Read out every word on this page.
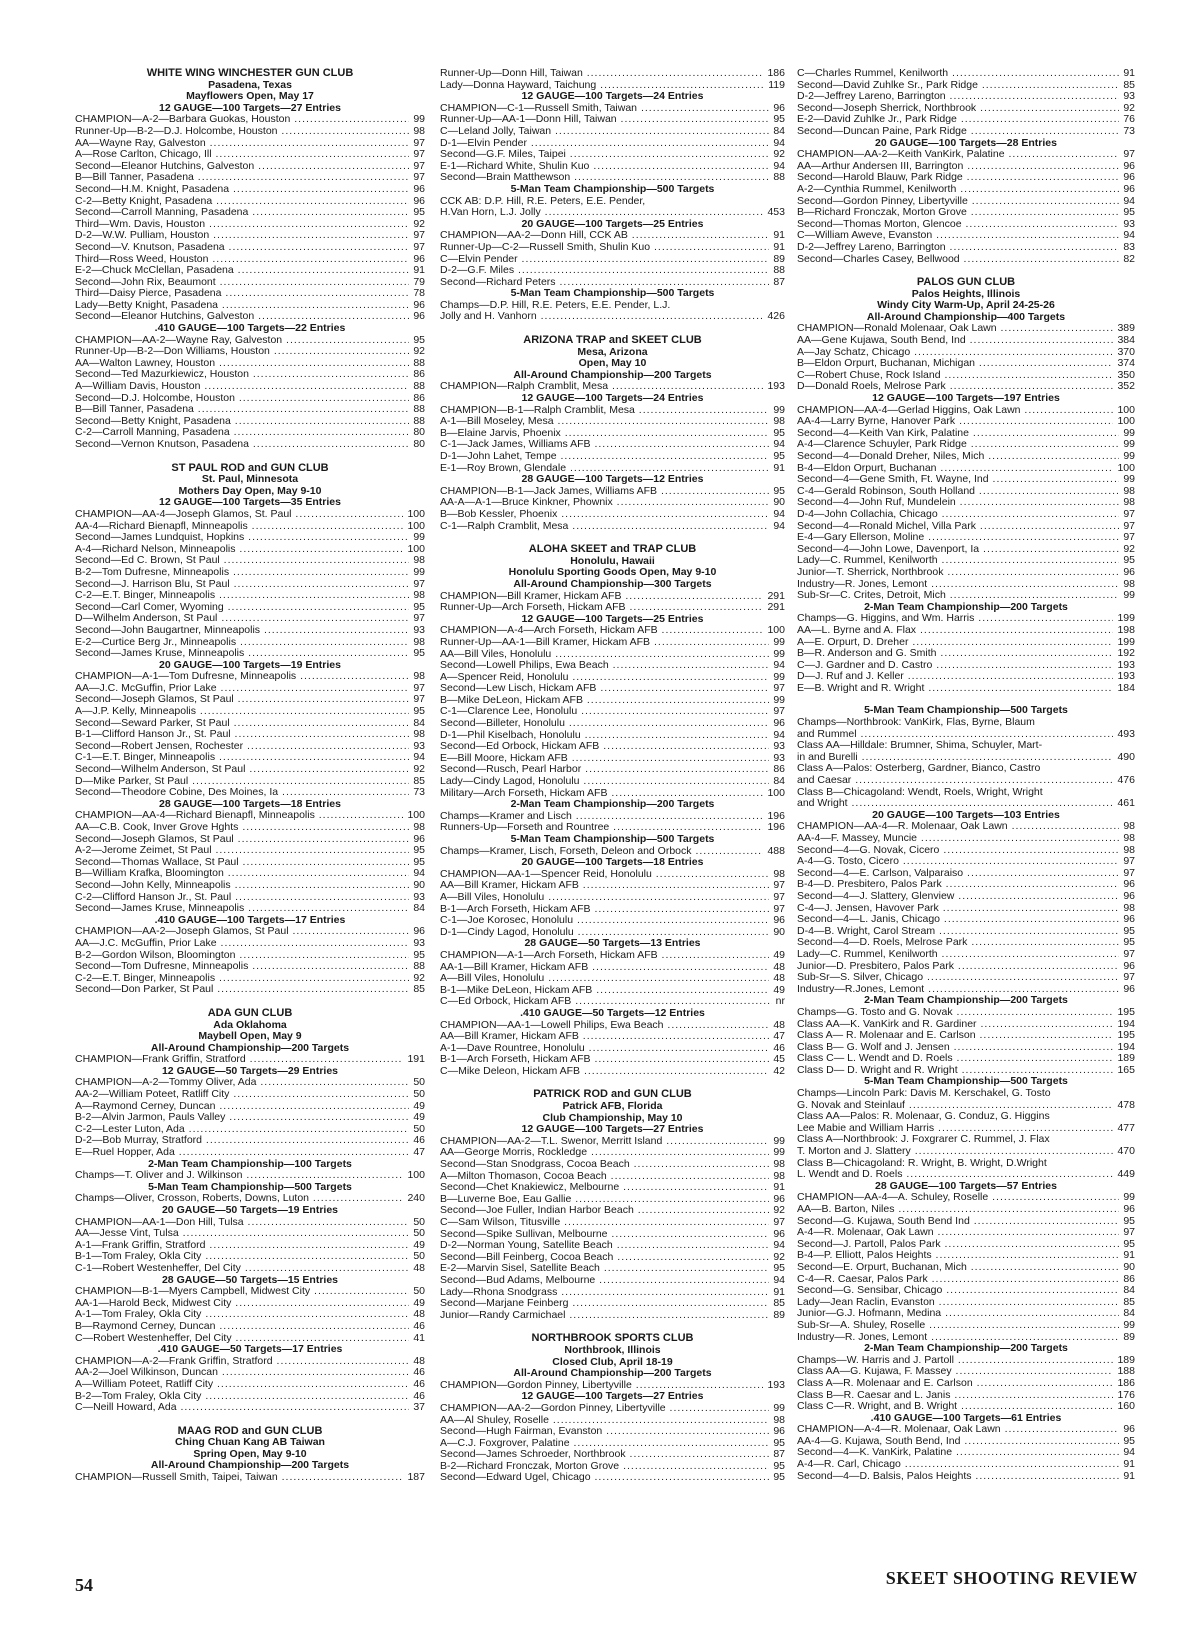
WHITE WING WINCHESTER GUN CLUB
Pasadena, Texas
Mayflowers Open, May 17
12 GAUGE—100 Targets—27 Entries
CHAMPION—A-2—Barbara Guokas, Houston .....	99
Runner-Up—B-2—D.J. Holcombe, Houston .....	98
AA—Wayne Ray, Galveston .....	97
A—Rose Carlton, Chicago, Ill .....	97
Second—Eleanor Hutchins, Galveston .....	97
B—Bill Tanner, Pasadena .....	97
Second—H.M. Knight, Pasadena .....	96
C-2—Betty Knight, Pasadena .....	96
Second—Carroll Manning, Pasadena .....	95
Third—Wm. Davis, Houston .....	92
D-2—W.W. Pulliam, Houston .....	97
Second—V. Knutson, Pasadena .....	97
Third—Ross Weed, Houston .....	96
E-2—Chuck McClellan, Pasadena .....	91
Second—John Rix, Beaumont .....	79
Third—Daisy Pierce, Pasadena .....	78
Lady—Betty Knight, Pasadena .....	96
Second—Eleanor Hutchins, Galveston .....	96
.410 GAUGE—100 Targets—22 Entries
CHAMPION—AA-2—Wayne Ray, Galveston .....	95
Runner-Up—B-2—Don Williams, Houston .....	92
AA—Walton Lawney, Houston .....	88
Second—Ted Mazurkiewicz, Houston .....	86
A—William Davis, Houston .....	88
Second—D.J. Holcombe, Houston .....	86
B—Bill Tanner, Pasadena .....	88
Second—Betty Knight, Pasadena .....	88
C-2—Carroll Manning, Pasadena .....	80
Second—Vernon Knutson, Pasadena .....	80
ST PAUL ROD and GUN CLUB
St. Paul, Minnesota
Mothers Day Open, May 9-10
12 GAUGE—100 Targets—35 Entries
CHAMPION—AA-4—Joseph Glamos, St. Paul .....	100
AA-4—Richard Bienapfl, Minneapolis .....	100
Second—James Lundquist, Hopkins .....	99
A-4—Richard Nelson, Minneapolis .....	100
Second—Ed C. Brown, St Paul .....	98
B-2—Tom Dufresne, Minneapolis .....	99
Second—J. Harrison Blu, St Paul .....	97
C-2—E.T. Binger, Minneapolis .....	98
Second—Carl Comer, Wyoming .....	95
D—Wilhelm Anderson, St Paul .....	97
Second—John Baugartner, Minneapolis .....	93
E-2—Curtice Berg Jr., Minneapolis .....	98
Second—James Kruse, Minneapolis .....	95
20 GAUGE—100 Targets—19 Entries
CHAMPION—A-1—Tom Dufresne, Minneapolis .....	98
AA—J.C. McGuffin, Prior Lake .....	97
Second—Joseph Glamos, St Paul .....	97
A—J.P. Kelly, Minneapolis .....	95
Second—Seward Parker, St Paul .....	84
B-1—Clifford Hanson Jr., St. Paul .....	98
Second—Robert Jensen, Rochester .....	93
C-1—E.T. Binger, Minneapolis .....	94
Second—Wilhelm Anderson, St Paul .....	92
D—Mike Parker, St Paul .....	85
Second—Theodore Cobine, Des Moines, Ia .....	73
28 GAUGE—100 Targets—18 Entries
CHAMPION—AA-4—Richard Bienapfl, Minneapolis .....	100
AA—C.B. Cook, Inver Grove Hghts .....	98
Second—Joseph Glamos, St Paul .....	96
A-2—Jerome Zeimet, St Paul .....	95
Second—Thomas Wallace, St Paul .....	95
B—William Krafka, Bloomington .....	94
Second—John Kelly, Minneapolis .....	90
C-2—Clifford Hanson Jr., St. Paul .....	93
Second—James Kruse, Minneapolis .....	84
.410 GAUGE—100 Targets—17 Entries
CHAMPION—AA-2—Joseph Glamos, St Paul .....	96
AA—J.C. McGuffin, Prior Lake .....	93
B-2—Gordon Wilson, Bloomington .....	95
Second—Tom Dufresne, Minneapolis .....	88
C-2—E.T. Binger, Minneapolis .....	92
Second—Don Parker, St Paul .....	85
ADA GUN CLUB
Ada Oklahoma
Maybell Open, May 9
All-Around Championship—200 Targets
CHAMPION—Frank Griffin, Stratford .....	191
12 GAUGE—50 Targets—29 Entries
CHAMPION—A-2—Tommy Oliver, Ada .....	50
AA-2—William Poteet, Ratliff City .....	50
A—Raymond Cerney, Duncan .....	49
B-2—Alvin Jarmon, Pauls Valley .....	49
C-2—Lester Luton, Ada .....	50
D-2—Bob Murray, Stratford .....	46
E—Ruel Hopper, Ada .....	47
2-Man Team Championship—100 Targets
Champs—T. Oliver and J. Wilkinson .....	100
5-Man Team Championship—500 Targets
Champs—Oliver, Crosson, Roberts, Downs, Luton .....	240
20 GAUGE—50 Targets—19 Entries
CHAMPION—AA-1—Don Hill, Tulsa .....	50
AA—Jesse Vint, Tulsa .....	50
A-1—Frank Griffin, Stratford .....	49
B-1—Tom Fraley, Okla City .....	50
C-1—Robert Westenheffer, Del City .....	48
28 GAUGE—50 Targets—15 Entries
CHAMPION—B-1—Myers Campbell, Midwest City .....	50
AA-1—Harold Beck, Midwest City .....	49
A-1—Tom Fraley, Okla City .....	48
B—Raymond Cerney, Duncan .....	46
C—Robert Westenheffer, Del City .....	41
.410 GAUGE—50 Targets—17 Entries
CHAMPION—A-2—Frank Griffin, Stratford .....	48
AA-2—Joel Wilkinson, Duncan .....	46
A—William Poteet, Ratliff City .....	46
B-2—Tom Fraley, Okla City .....	46
C—Neill Howard, Ada .....	37
MAAG ROD and GUN CLUB
Ching Chuan Kang AB Taiwan
Spring Open, May 9-10
All-Around Championship—200 Targets
CHAMPION—Russell Smith, Taipei, Taiwan .....	187
Runner-Up—Donn Hill, Taiwan .....	186
Lady—Donna Hayward, Taichung .....	119
12 GAUGE—100 Targets—24 Entries
CHAMPION—C-1—Russell Smith, Taiwan .....	96
Runner-Up—AA-1—Donn Hill, Taiwan .....	95
C—Leland Jolly, Taiwan .....	84
D-1—Elvin Pender .....	94
Second—G.F. Miles, Taipei .....	92
E-1—Richard White, Shulin Kuo .....	94
Second—Brain Matthewson .....	88
5-Man Team Championship—500 Targets
CCK AB: D.P. Hill, R.E. Peters, E.E. Pender,
H.Van Horn, L.J. Jolly .....	453
20 GAUGE—100 Targets—25 Entries
CHAMPION—AA-2—Donn Hill, CCK AB .....	91
Runner-Up—C-2—Russell Smith, Shulin Kuo .....	91
C—Elvin Pender .....	89
D-2—G.F. Miles .....	88
Second—Richard Peters .....	87
5-Man Team Championship—500 Targets
Champs—D.P. Hill, R.E. Peters, E.E. Pender, L.J.
Jolly and H. Vanhorn .....	426
ARIZONA TRAP and SKEET CLUB
Mesa, Arizona
Open, May 10
All-Around Championship—200 Targets
CHAMPION—Ralph Cramblit, Mesa .....	193
12 GAUGE—100 Targets—24 Entries
CHAMPION—B-1—Ralph Cramblit, Mesa .....	99
A-1—Bill Moseley, Mesa .....	98
B—Elaine Jarvis, Phoenix .....	95
C-1—Jack James, Williams AFB .....	94
D-1—John Lahet, Tempe .....	95
E-1—Roy Brown, Glendale .....	91
28 GAUGE—100 Targets—12 Entries
CHAMPION—B-1—Jack James, Williams AFB .....	95
AA-A—A-1—Bruce Kinkner, Phownix .....	90
B—Bob Kessler, Phoenix .....	94
C-1—Ralph Cramblit, Mesa .....	94
ALOHA SKEET and TRAP CLUB
Honolulu, Hawaii
Honolulu Sporting Goods Open, May 9-10
All-Around Championship—300 Targets
CHAMPION—Bill Kramer, Hickam AFB .....	291
Runner-Up—Arch Forseth, Hickam AFB .....	291
12 GAUGE—100 Targets—25 Entries
CHAMPION—A-4—Arch Forseth, Hickam AFB .....	100
Runner-Up—AA-1—Bill Kramer, Hickam AFB .....	99
AA—Bill Viles, Honolulu .....	99
Second—Lowell Philips, Ewa Beach .....	94
A—Spencer Reid, Honolulu .....	99
Second—Lew Lisch, Hickam AFB .....	97
B—Mike DeLeon, Hickam AFB .....	99
C-1—Clarence Lee, Honolulu .....	97
Second—Billeter, Honolulu .....	96
D-1—Phil Kiselbach, Honolulu .....	94
Second—Ed Orbock, Hickam AFB .....	93
E—Bill Moore, Hickam AFB .....	93
Second—Rusch, Pearl Harbor .....	86
Lady—Cindy Lagod, Honolulu .....	84
Military—Arch Forseth, Hickam AFB .....	100
2-Man Team Championship—200 Targets
Champs—Kramer and Lisch .....	196
Runners-Up—Forseth and Rountree .....	196
5-Man Team Championship—500 Targets
Champs—Kramer, Lisch, Forseth, Deleon and Orbock .....	488
20 GAUGE—100 Targets—18 Entries
CHAMPION—AA-1—Spencer Reid, Honolulu .....	98
AA—Bill Kramer, Hickam AFB .....	97
A—Bill Viles, Honolulu .....	97
B-1—Arch Forseth, Hickam AFB .....	97
C-1—Joe Korosec, Honolulu .....	96
D-1—Cindy Lagod, Honolulu .....	90
28 GAUGE—50 Targets—13 Entries
CHAMPION—A-1—Arch Forseth, Hickam AFB .....	49
AA-1—Bill Kramer, Hickam AFB .....	48
A—Bill Viles, Honolulu .....	48
B-1—Mike DeLeon, Hickam AFB .....	49
C—Ed Orbock, Hickam AFB .....	nr
.410 GAUGE—50 Targets—12 Entries
CHAMPION—AA-1—Lowell Philips, Ewa Beach .....	48
AA—Bill Kramer, Hickam AFB .....	47
A-1—Dave Rountree, Honolulu .....	46
B-1—Arch Forseth, Hickam AFB .....	45
C—Mike Deleon, Hickam AFB .....	42
PATRICK ROD and GUN CLUB
Patrick AFB, Florida
Club Championship, May 10
12 GAUGE—100 Targets—27 Entries
CHAMPION—AA-2—T.L. Swenor, Merritt Island .....	99
AA—George Morris, Rockledge .....	99
Second—Stan Snodgrass, Cocoa Beach .....	98
A—Milton Thomason, Cocoa Beach .....	98
Second—Chet Knakiewicz, Melbourne .....	91
B—Luverne Boe, Eau Gallie .....	96
Second—Joe Fuller, Indian Harbor Beach .....	92
C—Sam Wilson, Titusville .....	97
Second—Spike Sullivan, Melbourne .....	96
D-2—Norman Young, Satellite Beach .....	94
Second—Bill Feinberg, Cocoa Beach .....	92
E-2—Marvin Sisel, Satellite Beach .....	95
Second—Bud Adams, Melbourne .....	94
Lady—Rhona Snodgrass .....	91
Second—Marjane Feinberg .....	85
Junior—Randy Carmichael .....	89
NORTHBROOK SPORTS CLUB
Northbrook, Illinois
Closed Club, April 18-19
All-Around Championship—200 Targets
CHAMPION—Gordon Pinney, Libertyville .....	193
12 GAUGE—100 Targets—27 Entries
CHAMPION—AA-2—Gordon Pinney, Libertyville .....	99
AA—Al Shuley, Roselle .....	98
Second—Hugh Fairman, Evanston .....	96
A—C.J. Foxgrover, Palatine .....	95
Second—James Schroeder, Northbrook .....	87
B-2—Richard Fronczak, Morton Grove .....	95
Second—Edward Ugel, Chicago .....	95
C—Charles Rummel, Kenilworth .....	91
Second—David Zuhlke Sr., Park Ridge .....	85
D-2—Jeffrey Lareno, Barrington .....	93
Second—Joseph Sherrick, Northbrook .....	92
E-2—David Zuhlke Jr., Park Ridge .....	76
Second—Duncan Paine, Park Ridge .....	73
20 GAUGE—100 Targets—28 Entries
CHAMPION—AA-2—Keith VanKirk, Palatine .....	97
AA—Arthur Andersen III, Barrington .....	96
Second—Harold Blauw, Park Ridge .....	96
A-2—Cynthia Rummel, Kenilworth .....	96
Second—Gordon Pinney, Libertyville .....	94
B—Richard Fronczak, Morton Grove .....	95
Second—Thomas Morton, Glencoe .....	93
C—William Aweve, Evanston .....	94
D-2—Jeffrey Lareno, Barrington .....	83
Second—Charles Casey, Bellwood .....	82
PALOS GUN CLUB
Palos Heights, Illinois
Windy City Warm-Up, April 24-25-26
All-Around Championship—400 Targets
CHAMPION—Ronald Molenaar, Oak Lawn .....	389
AA—Gene Kujawa, South Bend, Ind .....	384
A—Jay Schatz, Chicago .....	370
B—Eldon Orpurt, Buchanan, Michigan .....	374
C—Robert Chuse, Rock Island .....	350
D—Donald Roels, Melrose Park .....	352
12 GAUGE—100 Targets—197 Entries
CHAMPION—AA-4—Gerlad Higgins, Oak Lawn .....	100
AA-4—Larry Byrne, Hanover Park .....	100
Second—4—Keith Van Kirk, Palatine .....	99
A-4—Clarence Schuyler, Park Ridge .....	99
Second—4—Donald Dreher, Niles, Mich .....	99
B-4—Eldon Orpurt, Buchanan .....	100
Second—4—Gene Smith, Ft. Wayne, Ind .....	99
C-4—Gerald Robinson, South Holland .....	98
Second—4—John Ruf, Mundelein .....	98
D-4—John Collachia, Chicago .....	97
Second—4—Ronald Michel, Villa Park .....	97
E-4—Gary Ellerson, Moline .....	97
Second—4—John Lowe, Davenport, Ia .....	92
Lady—C. Rummel, Kenilworth .....	95
Junior—T. Sherrick, Northbrook .....	96
Industry—R. Jones, Lemont .....	98
Sub-Sr—C. Crites, Detroit, Mich .....	99
2-Man Team Championship—200 Targets
Champs—G. Higgins, and Wm. Harris .....	199
AA—L. Byrne and A. Flax .....	198
A—E. Orpurt, D. Dreher .....	199
B—R. Anderson and G. Smith .....	192
C—J. Gardner and D. Castro .....	193
D—J. Ruf and J. Keller .....	193
E—B. Wright and R. Wright .....	184
5-Man Team Championship—500 Targets
Champs—Northbrook: VanKirk, Flas, Byrne, Blaum
and Rummel .....	493
Class AA—Hilldale: Brumner, Shima, Schuyler, Mart-
in and Burelli .....	490
Class A—Palos: Osterberg, Gardner, Bianco, Castro
and Caesar .....	476
Class B—Chicagoland: Wendt, Roels, Wright, Wright
and Wright .....	461
20 GAUGE—100 Targets—103 Entries
CHAMPION—AA-4—R. Molenaar, Oak Lawn .....	98
AA-4—F. Massey, Muncie .....	98
Second—4—G. Novak, Cicero .....	98
A-4—G. Tosto, Cicero .....	97
Second—4—E. Carlson, Valparaiso .....	97
B-4—D. Presbitero, Palos Park .....	96
Second—4—J. Slattery, Glenview .....	96
C-4—J. Jensen, Havover Park .....	98
Second—4—L. Janis, Chicago .....	96
D-4—B. Wright, Carol Stream .....	95
Second—4—D. Roels, Melrose Park .....	95
Lady—C. Rummel, Kenilworth .....	97
Junior—D. Presbitero, Palos Park .....	96
Sub-Sr—S. Silver, Chicago .....	97
Industry—R.Jones, Lemont .....	96
2-Man Team Championship—200 Targets
Champs—G. Tosto and G. Novak .....	195
Class AA—K. VanKirk and R. Gardiner .....	194
Class A— R. Molenaar and E. Carlson .....	195
Class B— G. Wolf and J. Jensen .....	194
Class C— L. Wendt and D. Roels .....	189
Class D— D. Wright and R. Wright .....	165
5-Man Team Championship—500 Targets
Champs—Lincoln Park: Davis M. Kerschakel, G. Tosto
G. Novak and Steinlauf .....	478
Class AA—Palos: R. Molenaar, G. Conduz, G. Higgins
Lee Mabie and William Harris .....	477
Class A—Northbrook: J. Foxgrarer C. Rummel, J. Flax
T. Morton and J. Slattery .....	470
Class B—Chicagoland: R. Wright, B. Wright, D.Wright
L. Wendt and D. Roels .....	449
28 GAUGE—100 Targets—57 Entries
CHAMPION—AA-4—A. Schuley, Roselle .....	99
AA—B. Barton, Niles .....	96
Second—G. Kujawa, South Bend Ind .....	95
A-4—R. Molenaar, Oak Lawn .....	97
Second—J. Partoll, Palos Park .....	95
B-4—P. Elliott, Palos Heights .....	91
Second—E. Orpurt, Buchanan, Mich .....	90
C-4—R. Caesar, Palos Park .....	86
Second—G. Sensibar, Chicago .....	84
Lady—Jean Raclin, Evanston .....	85
Junior—G.J. Hofmann, Medina .....	84
Sub-Sr—A. Shuley, Roselle .....	99
Industry—R. Jones, Lemont .....	89
2-Man Team Championship—200 Targets
Champs—W. Harris and J. Partoll .....	189
Class AA—G. Kujawa, F. Massey .....	188
Class A—R. Molenaar and E. Carlson .....	186
Class B—R. Caesar and L. Janis .....	176
Class C—R. Wright, and B. Wright .....	160
.410 GAUGE—100 Targets—61 Entries
CHAMPION—A-4—R. Molenaar, Oak Lawn .....	96
AA-4—G. Kujawa, South Bend, Ind .....	95
Second—4—K. VanKirk, Palatine .....	94
A-4—R. Carl, Chicago .....	91
Second—4—D. Balsis, Palos Heights .....	91
54	SKEET SHOOTING REVIEW
